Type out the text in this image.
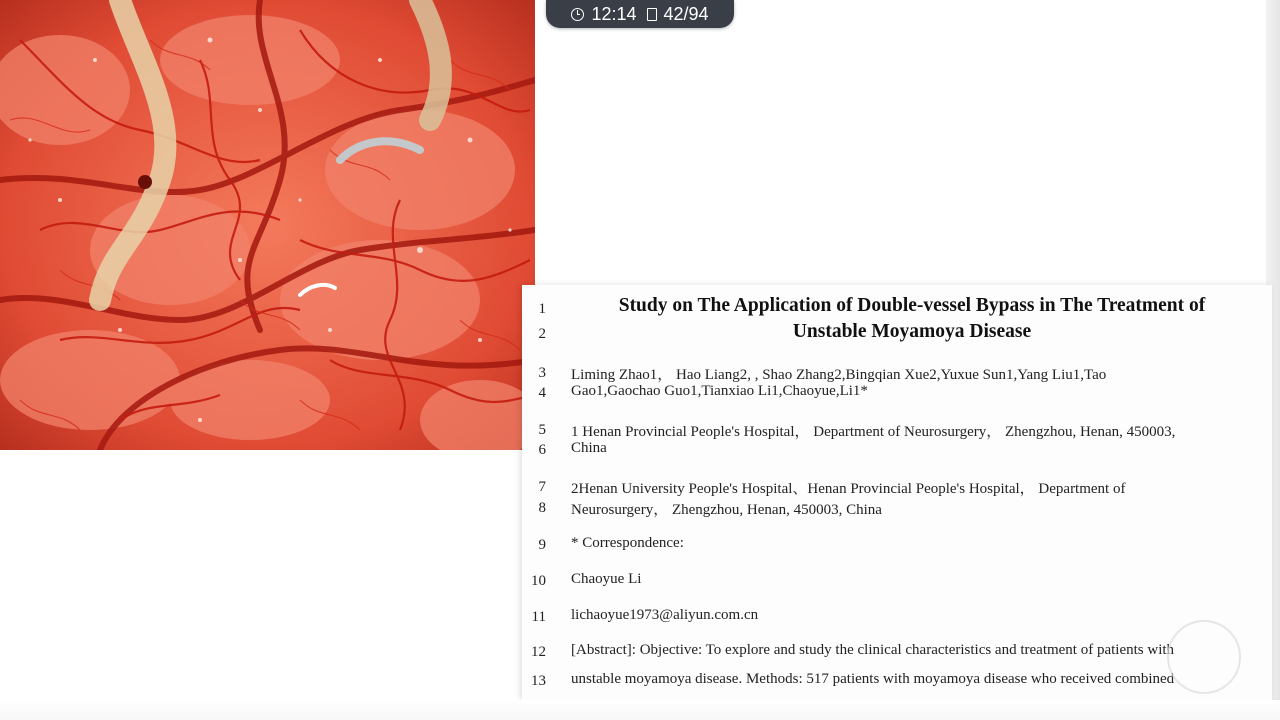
12:14 42/94
1	Study on The Application of Double-vessel Bypass in The Treatment of
2	Unstable Moyamoya Disease
3 Liming Zhao1， Hao Liang2, , Shao Zhang2,Bingqian Xue2,Yuxue Sun1,Yang Liu1,Tao
4 Gao1,Gaochao Guo1,Tianxiao Li1,Chaoyue,Li1*
5 1 Henan Provincial People's Hospital， Department of Neurosurgery， Zhengzhou, Henan, 450003,
6 China
7 2Henan University People's Hospital、Henan Provincial People's Hospital， Department of
8 Neurosurgery， Zhengzhou, Henan, 450003, China
9 * Correspondence:
10 Chaoyue Li
11 lichaoyue1973@aliyun.com.cn
12 [Abstract]: Objective: To explore and study the clinical characteristics and treatment of patients with
13 unstable moyamoya disease. Methods: 517 patients with moyamoya disease who received combined
